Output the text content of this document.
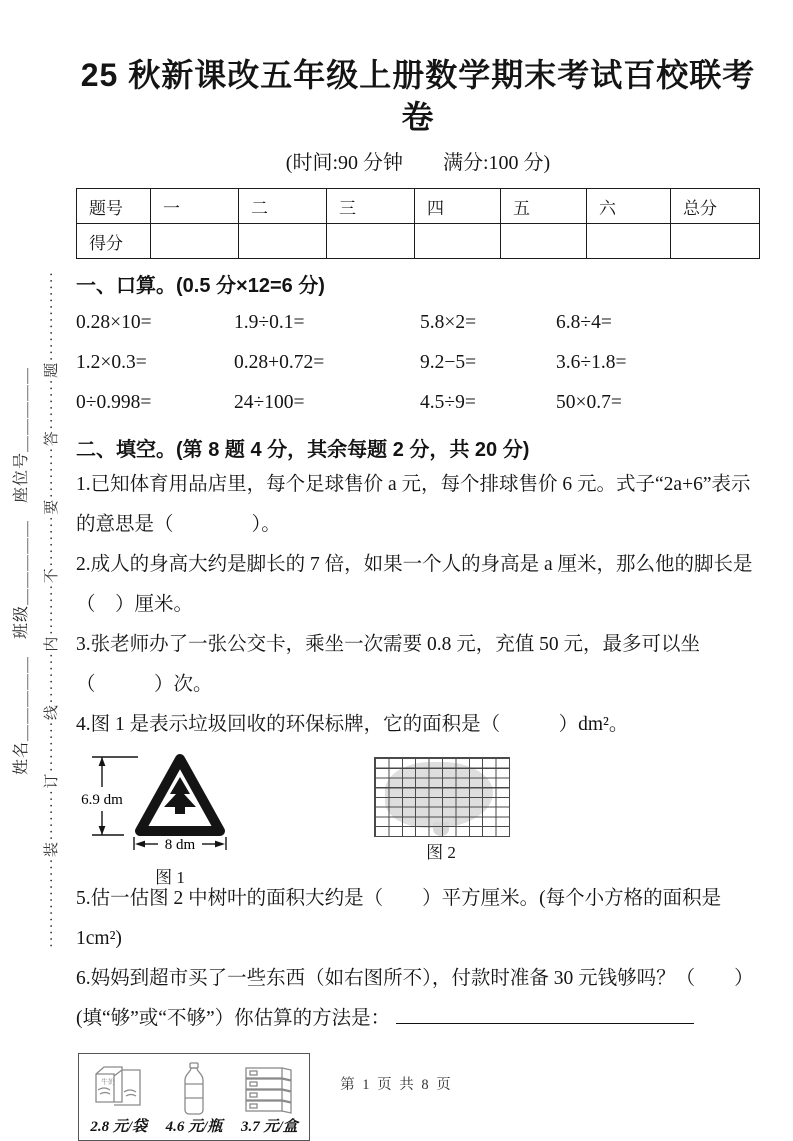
姓名＿＿＿＿＿　班级＿＿＿＿＿　座位号＿＿＿＿＿ ··············装········订········线········内········不········要········答········题··············
25 秋新课改五年级上册数学期末考试百校联考卷
(时间:90 分钟　　满分:100 分)
题号	一	二	三	四	五	六	总分
得分							
一、口算。(0.5 分×12=6 分)
0.28×10=	1.9÷0.1=	5.8×2=	6.8÷4=
1.2×0.3=	0.28+0.72=	9.2−5=	3.6÷1.8=
0÷0.998=	24÷100=	4.5÷9=	50×0.7=
二、填空。(第 8 题 4 分，其余每题 2 分，共 20 分)

1.已知体育用品店里，每个足球售价 a 元，每个排球售价 6 元。式子“2a+6”表示的意思是（　　　　）。

2.成人的身高大约是脚长的 7 倍，如果一个人的身高是 a 厘米，那么他的脚长是（　）厘米。

3.张老师办了一张公交卡，乘坐一次需要 0.8 元，充值 50 元，最多可以坐（　　　）次。

4.图 1 是表示垃圾回收的环保标牌，它的面积是（　　　）dm²。

6.9 dm
8 dm
图 1
图 2

5.估一估图 2 中树叶的面积大约是（　　）平方厘米。(每个小方格的面积是 1cm²)

6.妈妈到超市买了一些东西（如右图所不），付款时准备 30 元钱够吗？（　　）(填“够”或“不够”）你估算的方法是：

牛奶
2.8 元/袋	4.6 元/瓶	3.7 元/盒
第 1 页 共 8 页
